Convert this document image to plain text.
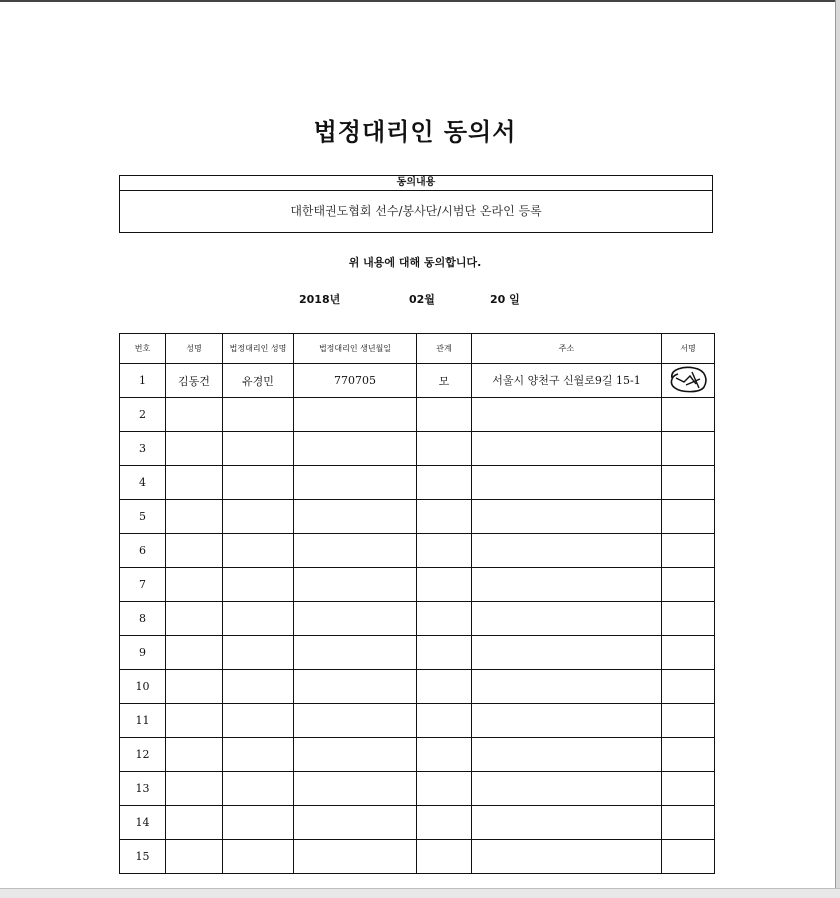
법정대리인 동의서
동의내용
대한태권도협회 선수/봉사단/시범단 온라인 등록
위 내용에 대해 동의합니다.
2018년	02월	20 일
번호	성명	법정대리인 성명	법정대리인 생년월일	관계	주소	서명
1	김동건	유경민	770705	모	서울시 양천구 신월로9길 15-1	
2						
3						
4						
5						
6						
7						
8						
9						
10						
11						
12						
13						
14						
15						
